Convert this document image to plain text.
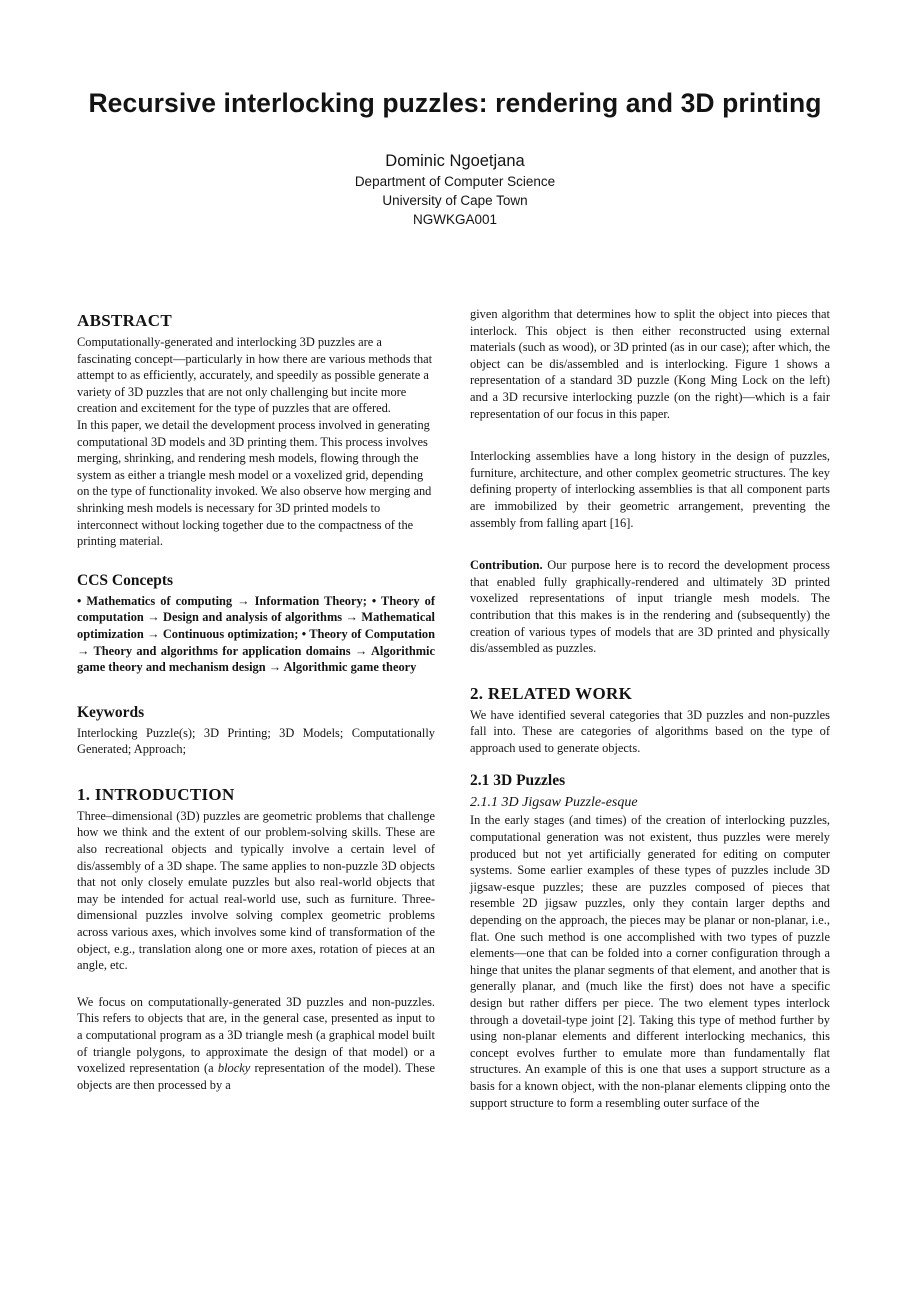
Recursive interlocking puzzles: rendering and 3D printing
Dominic Ngoetjana
Department of Computer Science
University of Cape Town
NGWKGA001
ABSTRACT

Computationally-generated and interlocking 3D puzzles are a fascinating concept—particularly in how there are various methods that attempt to as efficiently, accurately, and speedily as possible generate a variety of 3D puzzles that are not only challenging but incite more creation and excitement for the type of puzzles that are offered.

In this paper, we detail the development process involved in generating computational 3D models and 3D printing them. This process involves merging, shrinking, and rendering mesh models, flowing through the system as either a triangle mesh model or a voxelized grid, depending on the type of functionality invoked. We also observe how merging and shrinking mesh models is necessary for 3D printed models to interconnect without locking together due to the compactness of the printing material.

CCS Concepts

• Mathematics of computing → Information Theory; • Theory of computation → Design and analysis of algorithms → Mathematical optimization → Continuous optimization; • Theory of Computation → Theory and algorithms for application domains → Algorithmic game theory and mechanism design → Algorithmic game theory

Keywords

Interlocking Puzzle(s); 3D Printing; 3D Models; Computationally Generated; Approach;

1. INTRODUCTION

Three–dimensional (3D) puzzles are geometric problems that challenge how we think and the extent of our problem-solving skills. These are also recreational objects and typically involve a certain level of dis/assembly of a 3D shape. The same applies to non-puzzle 3D objects that not only closely emulate puzzles but also real-world objects that may be intended for actual real-world use, such as furniture. Three-dimensional puzzles involve solving complex geometric problems across various axes, which involves some kind of transformation of the object, e.g., translation along one or more axes, rotation of pieces at an angle, etc.

We focus on computationally-generated 3D puzzles and non-puzzles. This refers to objects that are, in the general case, presented as input to a computational program as a 3D triangle mesh (a graphical model built of triangle polygons, to approximate the design of that model) or a voxelized representation (a blocky representation of the model). These objects are then processed by a

given algorithm that determines how to split the object into pieces that interlock. This object is then either reconstructed using external materials (such as wood), or 3D printed (as in our case); after which, the object can be dis/assembled and is interlocking. Figure 1 shows a representation of a standard 3D puzzle (Kong Ming Lock on the left) and a 3D recursive interlocking puzzle (on the right)—which is a fair representation of our focus in this paper.

Interlocking assemblies have a long history in the design of puzzles, furniture, architecture, and other complex geometric structures. The key defining property of interlocking assemblies is that all component parts are immobilized by their geometric arrangement, preventing the assembly from falling apart [16].

Contribution. Our purpose here is to record the development process that enabled fully graphically-rendered and ultimately 3D printed voxelized representations of input triangle mesh models. The contribution that this makes is in the rendering and (subsequently) the creation of various types of models that are 3D printed and physically dis/assembled as puzzles.

2. RELATED WORK

We have identified several categories that 3D puzzles and non-puzzles fall into. These are categories of algorithms based on the type of approach used to generate objects.

2.1 3D Puzzles
2.1.1 3D Jigsaw Puzzle-esque

In the early stages (and times) of the creation of interlocking puzzles, computational generation was not existent, thus puzzles were merely produced but not yet artificially generated for editing on computer systems. Some earlier examples of these types of puzzles include 3D jigsaw-esque puzzles; these are puzzles composed of pieces that resemble 2D jigsaw puzzles, only they contain larger depths and depending on the approach, the pieces may be planar or non-planar, i.e., flat. One such method is one accomplished with two types of puzzle elements—one that can be folded into a corner configuration through a hinge that unites the planar segments of that element, and another that is generally planar, and (much like the first) does not have a specific design but rather differs per piece. The two element types interlock through a dovetail-type joint [2]. Taking this type of method further by using non-planar elements and different interlocking mechanics, this concept evolves further to emulate more than fundamentally flat structures. An example of this is one that uses a support structure as a basis for a known object, with the non-planar elements clipping onto the support structure to form a resembling outer surface of the
